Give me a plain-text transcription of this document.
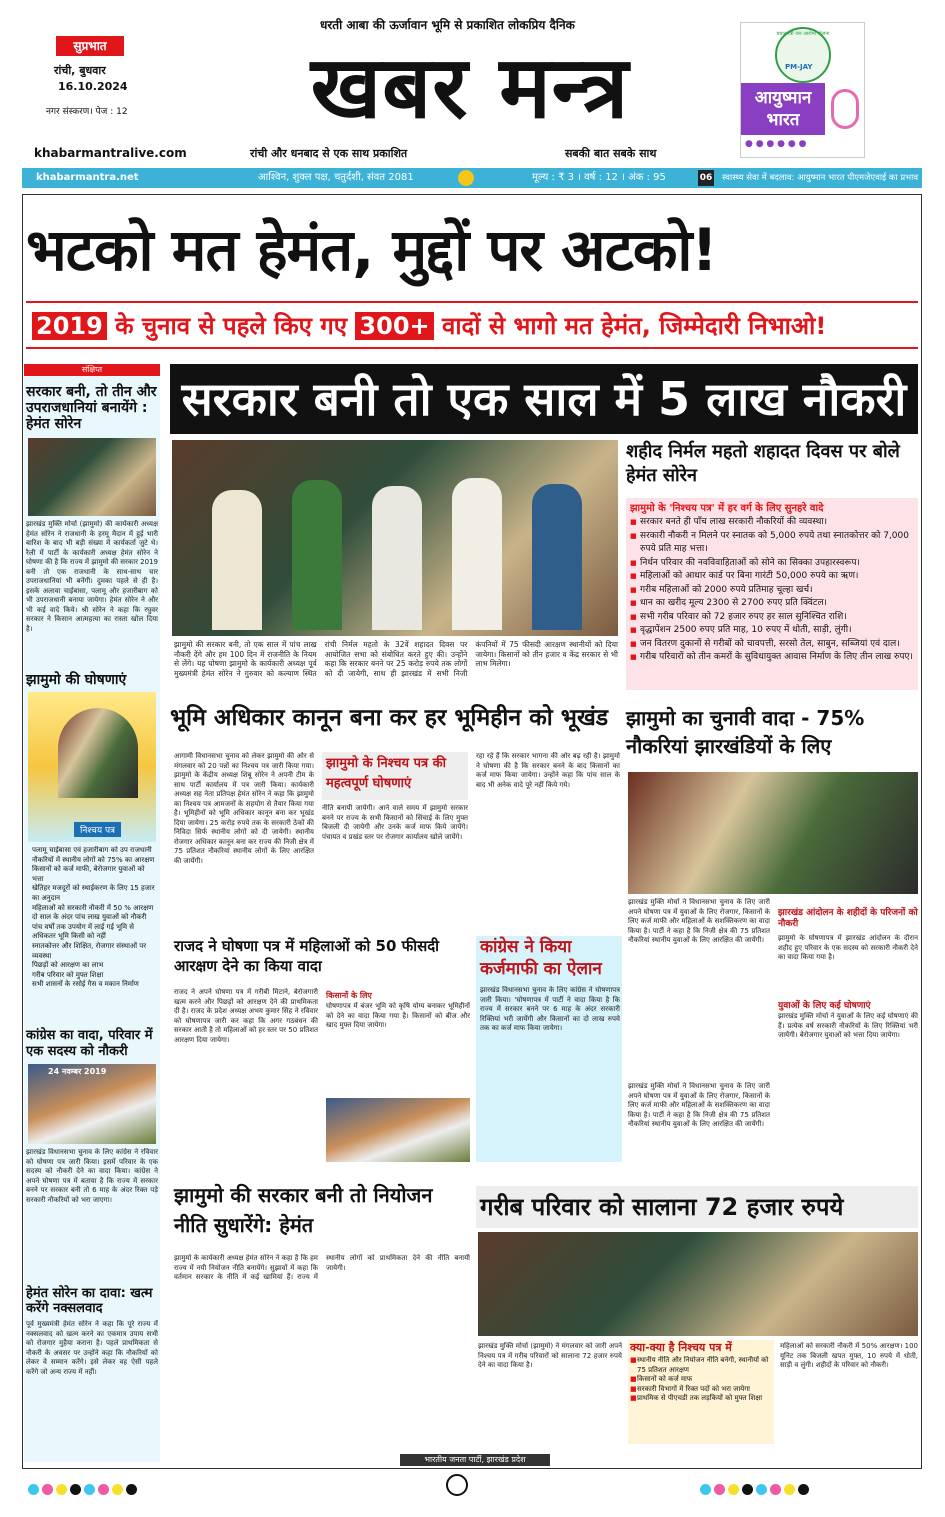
सुप्रभात
रांची, बुधवार
16.10.2024
नगर संस्करण। पेज : 12
धरती आबा की ऊर्जावान भूमि से प्रकाशित लोकप्रिय दैनिक
खबर मन्त्र
khabarmantralive.com	रांची और धनबाद से एक साथ प्रकाशित	सबकी बात सबके साथ
प्रधानमंत्री जन आरोग्य योजना
PM-JAY
आयुष्मान भारत
● ● ● ● ● ●
khabarmantra.net	आश्विन, शुक्ल पक्ष, चतुर्दशी, संवत 2081	मूल्य : ₹ 3 । वर्ष : 12 । अंक : 95	06 स्वास्थ्य सेवा में बदलाव: आयुष्मान भारत पीएमजेएवाई का प्रभाव
भटको मत हेमंत, मुद्दों पर अटको!
2019 के चुनाव से पहले किए गए 300+ वादों से भागो मत हेमंत, जिम्मेदारी निभाओ!
संक्षिप्त
सरकार बनी, तो तीन और उपराजधानियां बनायेंगे : हेमंत सोरेन
झारखंड मुक्ति मोर्चा (झामुमो) की कार्यकारी अध्यक्ष हेमंत सोरेन ने राजधानी के हरमू मैदान में हुई भारी बारिश के बाद भी बड़ी संख्या में कार्यकर्ता जुटे थे। रैली में पार्टी के कार्यकारी अध्यक्ष हेमंत सोरेन ने घोषणा की है कि राज्य में झामुमो की सरकार 2019 बनी तो एक राजधानी के साथ-साथ चार उपराजधानियां भी बनेंगी। दुमका पहले से ही है। इसके अलावा चाईबासा, पलामू और हजारीबाग को भी उपराजधानी बनाया जायेगा। हेमंत सोरेन ने और भी कई वादे किये। श्री सोरेन ने कहा कि रघुवर सरकार ने किसान आत्महत्या का रास्ता खोल दिया है।
झामुमो की घोषणाएं
निश्चय पत्र
• पलामू चाईबासा एवं हजारीबाग को उप राजधानी
• नौकरियों में स्थानीय लोगों को 75% का आरक्षण
• किसानों को कर्ज माफी, बेरोजगार युवाओं को भत्ता
• खेतिहर मजदूरों को स्थाईकरण के लिए 15 हजार का अनुदान
• महिलाओं को सरकारी नौकरी में 50 % आरक्षण
• दो साल के अंदर पांच लाख युवाओं को नौकरी
• पांच वर्षों तक उपयोग में लाई गई भूमि से अधिकतर भूमि किसी को नहीं
• स्नातकोत्तर और शिक्षित, रोजगार संस्थाओं पर व्यवस्था
• पिछड़ों को आरक्षण का लाभ
• गरीब परिवार को मुफ्त शिक्षा
• सभी शासनों के रसोई गैस व मकान निर्माण
कांग्रेस का वादा, परिवार में एक सदस्य को नौकरी
24 नवम्बर 2019
झारखंड विधानसभा चुनाव के लिए कांग्रेस ने रविवार को घोषणा पत्र जारी किया। इसमें परिवार के एक सदस्य को नौकरी देने का वादा किया। कांग्रेस ने अपने घोषणा पत्र में बताया है कि राज्य में सरकार बनने पर सरकार बनी तो 6 माह के अंदर रिक्त पड़े सरकारी नौकरियों को भरा जाएगा।
हेमंत सोरेन का दावा: खत्म करेंगे नक्सलवाद
पूर्व मुख्यमंत्री हेमंत सोरेन ने कहा कि पूरे राज्य में नक्सलवाद को खत्म करने का एकमात्र उपाय सभी को रोजगार मुहैया कराना है। पहले प्राथमिकता से नौकरी के अवसर पर उन्होंने कहा कि नौकरियों को लेकर वे सम्मान करेंगे। इसे लेकर वह ऐसी पहले करेंगे जो अन्य राज्य में नहीं।
सरकार बनी तो एक साल में 5 लाख नौकरी
झामुमो की सरकार बनी, तो एक साल में पांच लाख नौकरी देंगे और हम 100 दिन में राजनीति के नियम से लेंगे। यह घोषणा झामुमो के कार्यकारी अध्यक्ष पूर्व मुख्यमंत्री हेमंत सोरेन ने गुरुवार को कल्याण स्थित रांची निर्मल महतो के 32वें शहादत दिवस पर आयोजित सभा को संबोधित करते हुए की। उन्होंने कहा कि सरकार बनने पर 25 करोड़ रुपये तक लोगों को दी जायेगी, साथ ही झारखंड में सभी निजी कंपनियों में 75 फीसदी आरक्षण स्थानीयों को दिया जायेगा। किसानों को तीन हजार व केंद्र सरकार से भी लाभ मिलेगा।
शहीद निर्मल महतो शहादत दिवस पर बोले हेमंत सोरेन
झामुमो के 'निश्चय पत्र' में हर वर्ग के लिए सुनहरे वादे
■ सरकार बनते ही पाँच लाख सरकारी नौकरियों की व्यवस्था।
■ सरकारी नौकरी न मिलने पर स्नातक को 5,000 रुपये तथा स्नातकोत्तर को 7,000 रुपये प्रति माह भत्ता।
■ निर्धन परिवार की नवविवाहिताओं को सोने का सिक्का उपहारस्वरूप।
■ महिलाओं को आधार कार्ड पर बिना गारंटी 50,000 रुपये का ऋण।
■ गरीब महिलाओं को 2000 रुपये प्रतिमाह चूल्हा खर्च।
■ धान का खरीद मूल्य 2300 से 2700 रुपए प्रति क्विंटल।
■ सभी गरीब परिवार को 72 हजार रुपए हर साल सुनिश्चित राशि।
■ वृद्धापेंशन 2500 रुपए प्रति माह, 10 रुपए में धोती, साड़ी, लुंगी।
■ जन वितरण दुकानों से गरीबों को चावपत्ती, सरसो तेल, साबुन, सब्जियां एवं दाल।
■ गरीब परिवारों को तीन कमरों के सुविधायुक्त आवास निर्माण के लिए तीन लाख रुपए।
भूमि अधिकार कानून बना कर हर भूमिहीन को भूखंड
आगामी विधानसभा चुनाव को लेकर झामुमो की ओर से मंगलवार को 20 पन्नों का निश्चय पत्र जारी किया गया। झामुमो के केंद्रीय अध्यक्ष शिबू सोरेन ने अपनी टीम के साथ पार्टी कार्यालय में पत्र जारी किया। कार्यकारी अध्यक्ष सह नेता प्रतिपक्ष हेमंत सोरेन ने कहा कि झामुमो का निश्चय पत्र आमजनों के सहयोग से तैयार किया गया है। भूमिहीनों को भूमि अधिकार कानून बना कर भूखंड दिया जायेगा। 25 करोड़ रुपये तक के सरकारी ठेकों की निविदा सिर्फ स्थानीय लोगों को दी जायेगी। स्थानीय रोजगार अधिकार कानून बना कर राज्य की निजी क्षेत्र में 75 प्रतिशत नौकरियां स्थानीय लोगों के लिए आरक्षित की जायेंगी।
झामुमो के निश्चय पत्र की महत्वपूर्ण घोषणाएं
नीति बनायी जायेगी। आने वाले समय में झामुमो सरकार बनने पर राज्य के सभी किसानों को सिंचाई के लिए मुफ्त बिजली दी जायेगी और उनके कर्ज माफ किये जायेंगे। पंचायत व प्रखंड स्तर पर रोजगार कार्यालय खोले जायेंगे।
रहा रहे हैं कि सरकार भागना की ओर बढ़ रही है। झामुमो ने घोषणा की है कि सरकार बनने के बाद किसानों का कर्ज माफ किया जायेगा। उन्होंने कहा कि पांच साल के बाद भी अनेक वादे पूरे नहीं किये गये।
झामुमो का चुनावी वादा - 75% नौकरियां झारखंडियों के लिए
झारखंड मुक्ति मोर्चा ने विधानसभा चुनाव के लिए जारी अपने घोषणा पत्र में युवाओं के लिए रोजगार, किसानों के लिए कर्ज माफी और महिलाओं के सशक्तिकरण का वादा किया है। पार्टी ने कहा है कि निजी क्षेत्र की 75 प्रतिशत नौकरियां स्थानीय युवाओं के लिए आरक्षित की जायेंगी।
झारखंड आंदोलन के शहीदों के परिजनों को नौकरी
झामुमो के घोषणापत्र में झारखंड आंदोलन के दौरान शहीद हुए परिवार के एक सदस्य को सरकारी नौकरी देने का वादा किया गया है।
युवाओं के लिए कई घोषणाएं
झारखंड मुक्ति मोर्चा ने युवाओं के लिए कई घोषणाएं की हैं। प्रत्येक वर्ष सरकारी नौकरियों के लिए रिक्तियां भरी जायेंगी। बेरोजगार युवाओं को भत्ता दिया जायेगा।
राजद ने घोषणा पत्र में महिलाओं को 50 फीसदी आरक्षण देने का किया वादा
राजद ने अपने घोषणा पत्र में गरीबी मिटाने, बेरोजगारी खत्म करने और पिछड़ों को आरक्षण देने की प्राथमिकता दी है। राजद के प्रदेश अध्यक्ष अभय कुमार सिंह ने रविवार को घोषणापत्र जारी कर कहा कि अगर गठबंधन की सरकार आती है तो महिलाओं को हर स्तर पर 50 प्रतिशत आरक्षण दिया जायेगा।
किसानों के लिए
घोषणापत्र में बंजर भूमि को कृषि योग्य बनाकर भूमिहीनों को देने का वादा किया गया है। किसानों को बीज और खाद मुफ्त दिया जायेगा।
कांग्रेस ने किया कर्जमाफी का ऐलान
झारखंड विधानसभा चुनाव के लिए कांग्रेस ने घोषणापत्र जारी किया। 'घोषणापत्र में पार्टी ने वादा किया है कि राज्य में सरकार बनने पर 6 माह के अंदर सरकारी रिक्तियां भरी जायेंगी और किसानों का दो लाख रुपये तक का कर्ज माफ किया जायेगा।
झारखंड मुक्ति मोर्चा ने विधानसभा चुनाव के लिए जारी अपने घोषणा पत्र में युवाओं के लिए रोजगार, किसानों के लिए कर्ज माफी और महिलाओं के सशक्तिकरण का वादा किया है। पार्टी ने कहा है कि निजी क्षेत्र की 75 प्रतिशत नौकरियां स्थानीय युवाओं के लिए आरक्षित की जायेंगी।
झामुमो की सरकार बनी तो नियोजन नीति सुधारेंगे: हेमंत
झामुमो के कार्यकारी अध्यक्ष हेमंत सोरेन ने कहा है कि हम राज्य में नयी नियोजन नीति बनायेंगे। सुझावों में कहा कि वर्तमान सरकार के नीति में कई खामियां हैं। राज्य में स्थानीय लोगों को प्राथमिकता देने की नीति बनायी जायेगी।
गरीब परिवार को सालाना 72 हजार रुपये
झारखंड मुक्ति मोर्चा (झामुमो) ने मंगलवार को जारी अपने निश्चय पत्र में गरीब परिवारों को सालाना 72 हजार रुपये देने का वादा किया है।
क्या-क्या है निश्चय पत्र में
■ स्थानीय नीति और नियोजन नीति बनेगी, स्थानीयों को 75 प्रतिशत आरक्षण
■ किसानों को कर्ज माफ
■ सरकारी विभागों में रिक्त पदों को भरा जायेगा
■ प्राथमिक से पीएचडी तक लड़कियों को मुफ्त शिक्षा
महिलाओं को सरकारी नौकरी में 50% आरक्षण। 100 यूनिट तक बिजली खपत मुफ्त, 10 रुपये में धोती, साड़ी व लुंगी। शहीदों के परिवार को नौकरी।
भारतीय जनता पार्टी, झारखंड प्रदेश
